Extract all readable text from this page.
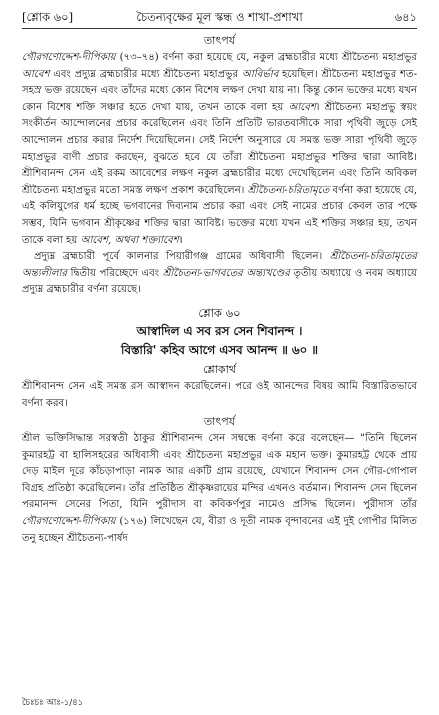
[শ্লোক ৬০]	চৈতন্যবৃক্ষের মূল স্কন্ধ ও শাখা-প্রশাখা	৬৪১
তাৎপর্য

গৌরগণোদ্দেশ-দীপিকায় (৭৩–৭৪) বর্ণনা করা হয়েছে যে, নকুল ব্রহ্মচারীর মধ্যে শ্রীচৈতন্য মহাপ্রভুর আবেশ এবং প্রদ্যুম্ন ব্রহ্মচারীর মধ্যে শ্রীচৈতন্য মহাপ্রভুর আবির্ভাব হয়েছিল। শ্রীচৈতন্য মহাপ্রভুর শত-সহস্র ভক্ত রয়েছেন এবং তাঁদের মধ্যে কোন বিশেষ লক্ষণ দেখা যায় না। কিন্তু কোন ভক্তের মধ্যে যখন কোন বিশেষ শক্তি সঞ্চার হতে দেখা যায়, তখন তাকে বলা হয় আবেশ। শ্রীচৈতন্য মহাপ্রভু স্বয়ং সংকীর্তন আন্দোলনের প্রচার করেছিলেন এবং তিনি প্রতিটি ভারতবাসীকে সারা পৃথিবী জুড়ে সেই আন্দোলন প্রচার করার নির্দেশ দিয়েছিলেন। সেই নির্দেশ অনুসারে যে সমস্ত ভক্ত সারা পৃথিবী জুড়ে মহাপ্রভুর বাণী প্রচার করছেন, বুঝতে হবে যে তাঁরা শ্রীচৈতন্য মহাপ্রভুর শক্তির দ্বারা আবিষ্ট। শ্রীশিবানন্দ সেন এই রকম আবেশের লক্ষণ নকুল ব্রহ্মচারীর মধ্যে দেখেছিলেন এবং তিনি অবিকল শ্রীচৈতন্য মহাপ্রভুর মতো সমস্ত লক্ষণ প্রকাশ করেছিলেন। শ্রীচৈতন্য-চরিতামৃতে বর্ণনা করা হয়েছে যে, এই কলিযুগের ধর্ম হচ্ছে ভগবানের দিব্যনাম প্রচার করা এবং সেই নামের প্রচার কেবল তার পক্ষে সম্ভব, যিনি ভগবান শ্রীকৃষ্ণের শক্তির দ্বারা আবিষ্ট। ভক্তের মধ্যে যখন এই শক্তির সঞ্চার হয়, তখন তাকে বলা হয় আবেশ, অথবা শক্ত্যাবেশ।

প্রদ্যুম্ন ব্রহ্মচারী পূর্বে কালনার পিয়ারীগঞ্জ গ্রামের অধিবাসী ছিলেন। শ্রীচৈতন্য-চরিতামৃতের অন্ত্যলীলার দ্বিতীয় পরিচ্ছেদে এবং শ্রীচৈতন্য-ভাগবতের অন্ত্যখণ্ডের তৃতীয় অধ্যায়ে ও নবম অধ্যায়ে প্রদ্যুম্ন ব্রহ্মচারীর বর্ণনা রয়েছে।

শ্লোক ৬০
আস্বাদিল এ সব রস সেন শিবানন্দ ।
বিস্তারি' কহিব আগে এসব আনন্দ ॥ ৬০ ॥
শ্লোকার্থ

শ্রীশিবানন্দ সেন এই সমস্ত রস আস্বাদন করেছিলেন। পরে ওই আনন্দের বিষয় আমি বিস্তারিতভাবে বর্ণনা করব।

তাৎপর্য

শ্রীল ভক্তিসিদ্ধান্ত সরস্বতী ঠাকুর শ্রীশিবানন্দ সেন সম্বন্ধে বর্ণনা করে বলেছেন— "তিনি ছিলেন কুমারহট্ট বা হালিসহরের অধিবাসী এবং শ্রীচৈতন্য মহাপ্রভুর এক মহান ভক্ত। কুমারহট্ট থেকে প্রায় দেড় মাইল দূরে কাঁচড়াপাড়া নামক আর একটি গ্রাম রয়েছে, যেখানে শিবানন্দ সেন গৌর-গোপাল বিগ্রহ প্রতিষ্ঠা করেছিলেন। তাঁর প্রতিষ্ঠিত শ্রীকৃষ্ণরায়ের মন্দির এখনও বর্তমান। শিবানন্দ সেন ছিলেন পরমানন্দ সেনের পিতা, যিনি পুরীদাস বা কবিকর্ণপুর নামেও প্রসিদ্ধ ছিলেন। পুরীদাস তাঁর গৌরগণোদ্দেশ-দীপিকায় (১৭৬) লিখেছেন যে, বীরা ও দূতী নামক বৃন্দাবনের এই দুই গোপীর মিলিত তনু হচ্ছেন শ্রীচৈতন্য-পার্ষদ

চৈঃচঃ আঃ-১/৪১
